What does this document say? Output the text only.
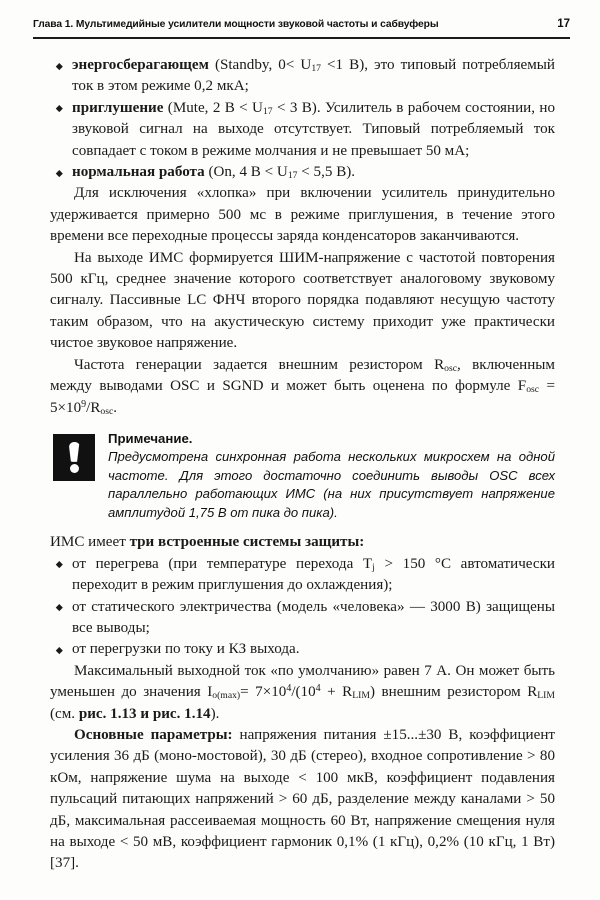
Глава 1. Мультимедийные усилители мощности звуковой частоты и сабвуферы	17
энергосберагающем (Standby, $0< U_{17} <1$ В), это типовый потребляемый ток в этом режиме 0,2 мкА;
приглушение (Mute, 2 $В < U_{17} < 3$ В). Усилитель в рабочем состоянии, но звуковой сигнал на выходе отсутствует. Типовый потребляемый ток совпадает с током в режиме молчания и не превышает 50 мА;
нормальная работа (On, 4 $В < U_{17} < 5,5$ В).

Для исключения «хлопка» при включении усилитель принудительно удерживается примерно 500 мс в режиме приглушения, в течение этого времени все переходные процессы заряда конденсаторов заканчиваются.

На выходе ИМС формируется ШИМ-напряжение с частотой повторения 500 кГц, среднее значение которого соответствует аналоговому звуковому сигналу. Пассивные LC ФНЧ второго порядка подавляют несущую частоту таким образом, что на акустическую систему приходит уже практически чистое звуковое напряжение.

Частота генерации задается внешним резистором $R_{osc}$, включенным между выводами OSC и SGND и может быть оценена по формуле $F_{osc} = 5\times 10^9/R_{osc}$.

Примечание.

Предусмотрена синхронная работа нескольких микросхем на одной частоте. Для этого достаточно соединить выводы OSC всех параллельно работающих ИМС (на них присутствует напряжение амплитудой 1,75 В от пика до пика).

ИМС имеет три встроенные системы защиты:

от перегрева (при температуре перехода $T_j > 150$ °С автоматически переходит в режим приглушения до охлаждения);
от статического электричества (модель «человека» — 3000 В) защищены все выводы;
от перегрузки по току и КЗ выхода.

Максимальный выходной ток «по умолчанию» равен 7 А. Он может быть уменьшен до значения $I_{o(max)}= 7\times 10^4/(10^4 + R_{LIM})$ внешним резистором $R_{LIM}$ (см. рис. 1.13 и рис. 1.14).

Основные параметры: напряжения питания ±15...±30 В, коэффициент усиления 36 дБ (моно-мостовой), 30 дБ (стерео), входное сопротивление > 80 кОм, напряжение шума на выходе < 100 мкВ, коэффициент подавления пульсаций питающих напряжений > 60 дБ, разделение между каналами > 50 дБ, максимальная рассеиваемая мощность 60 Вт, напряжение смещения нуля на выходе < 50 мВ, коэффициент гармоник 0,1% (1 кГц), 0,2% (10 кГц, 1 Вт) [37].
